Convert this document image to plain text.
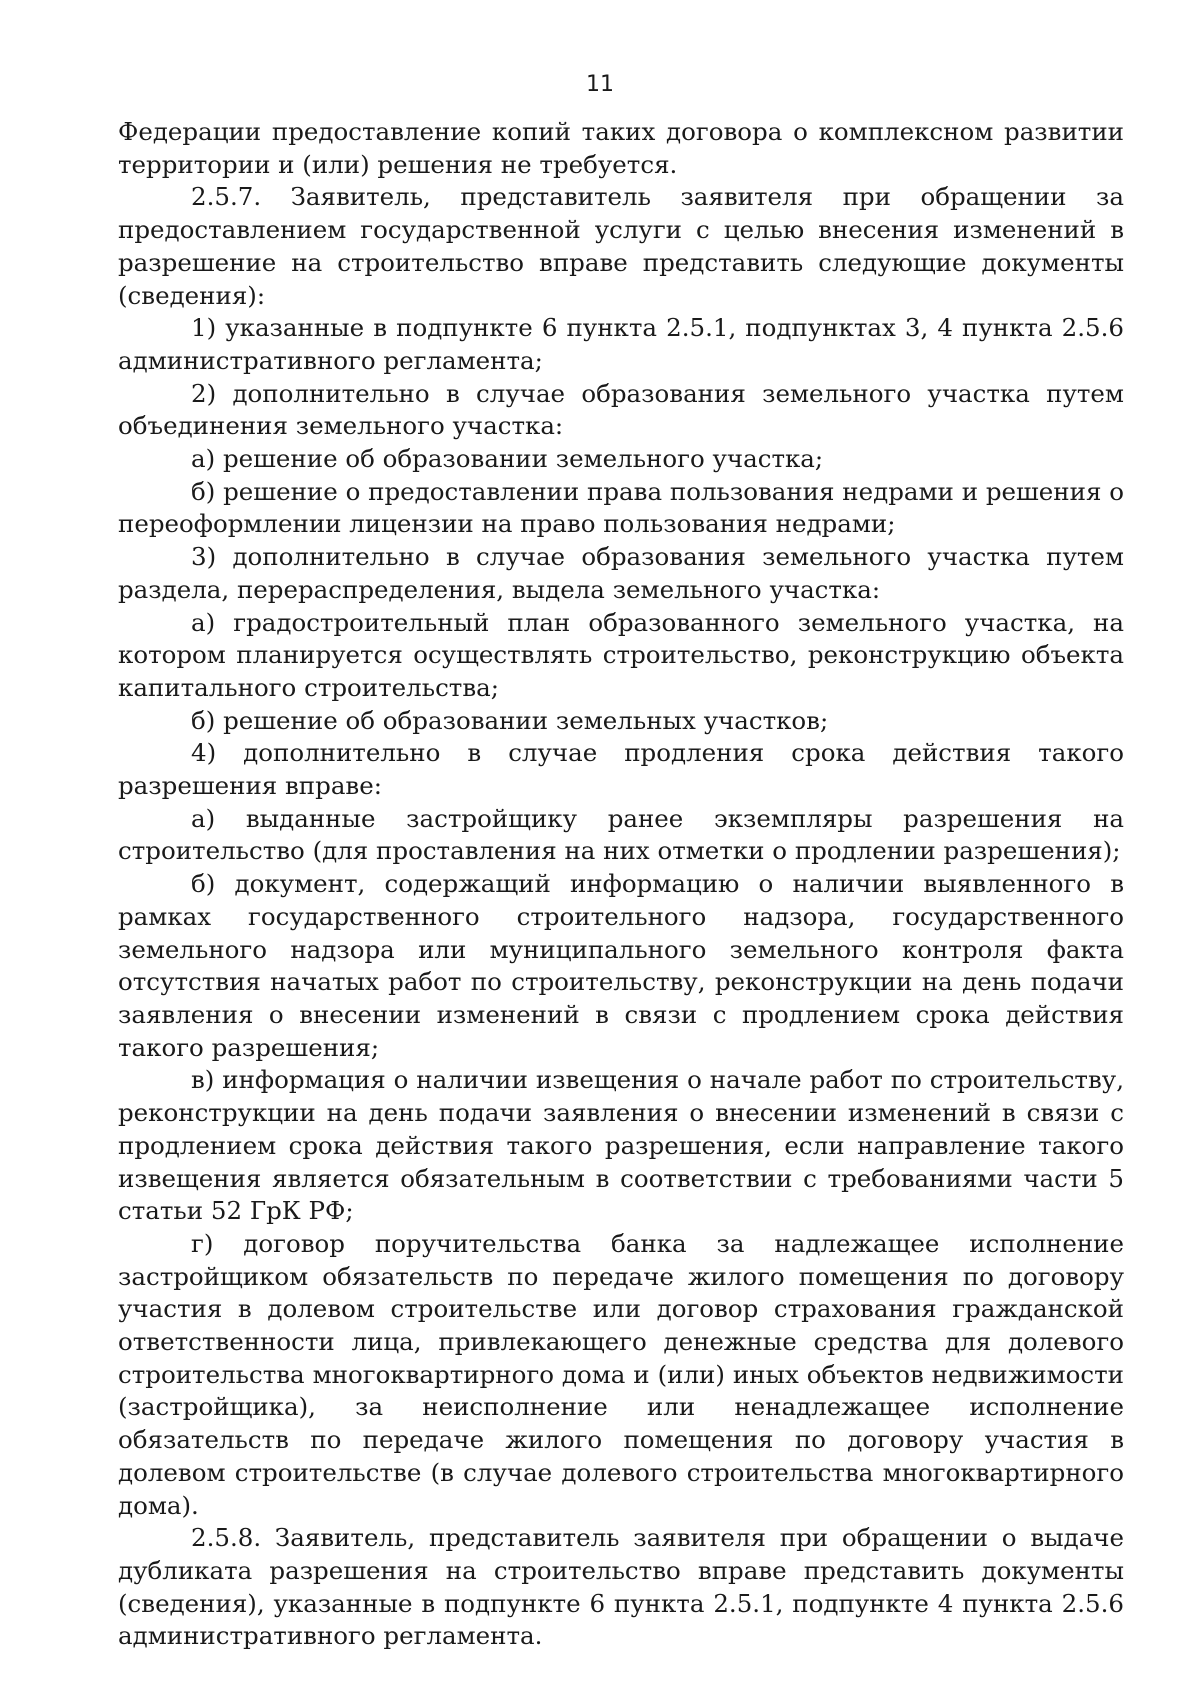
11

Федерации предоставление копий таких договора о комплексном развитии территории и (или) решения не требуется.

2.5.7. Заявитель, представитель заявителя при обращении за предоставлением государственной услуги с целью внесения изменений в разрешение на строительство вправе представить следующие документы (сведения):

1) указанные в подпункте 6 пункта 2.5.1, подпунктах 3, 4 пункта 2.5.6 административного регламента;

2) дополнительно в случае образования земельного участка путем объединения земельного участка:

а) решение об образовании земельного участка;

б) решение о предоставлении права пользования недрами и решения о переоформлении лицензии на право пользования недрами;

3) дополнительно в случае образования земельного участка путем раздела, перераспределения, выдела земельного участка:

а) градостроительный план образованного земельного участка, на котором планируется осуществлять строительство, реконструкцию объекта капитального строительства;

б) решение об образовании земельных участков;

4) дополнительно в случае продления срока действия такого разрешения вправе:

а) выданные застройщику ранее экземпляры разрешения на строительство (для проставления на них отметки о продлении разрешения);

б) документ, содержащий информацию о наличии выявленного в рамках государственного строительного надзора, государственного земельного надзора или муниципального земельного контроля факта отсутствия начатых работ по строительству, реконструкции на день подачи заявления о внесении изменений в связи с продлением срока действия такого разрешения;

в) информация о наличии извещения о начале работ по строительству, реконструкции на день подачи заявления о внесении изменений в связи с продлением срока действия такого разрешения, если направление такого извещения является обязательным в соответствии с требованиями части 5 статьи 52 ГрК РФ;

г) договор поручительства банка за надлежащее исполнение застройщиком обязательств по передаче жилого помещения по договору участия в долевом строительстве или договор страхования гражданской ответственности лица, привлекающего денежные средства для долевого строительства многоквартирного дома и (или) иных объектов недвижимости (застройщика), за неисполнение или ненадлежащее исполнение обязательств по передаче жилого помещения по договору участия в долевом строительстве (в случае долевого строительства многоквартирного дома).

2.5.8. Заявитель, представитель заявителя при обращении о выдаче дубликата разрешения на строительство вправе представить документы (сведения), указанные в подпункте 6 пункта 2.5.1, подпункте 4 пункта 2.5.6 административного регламента.
